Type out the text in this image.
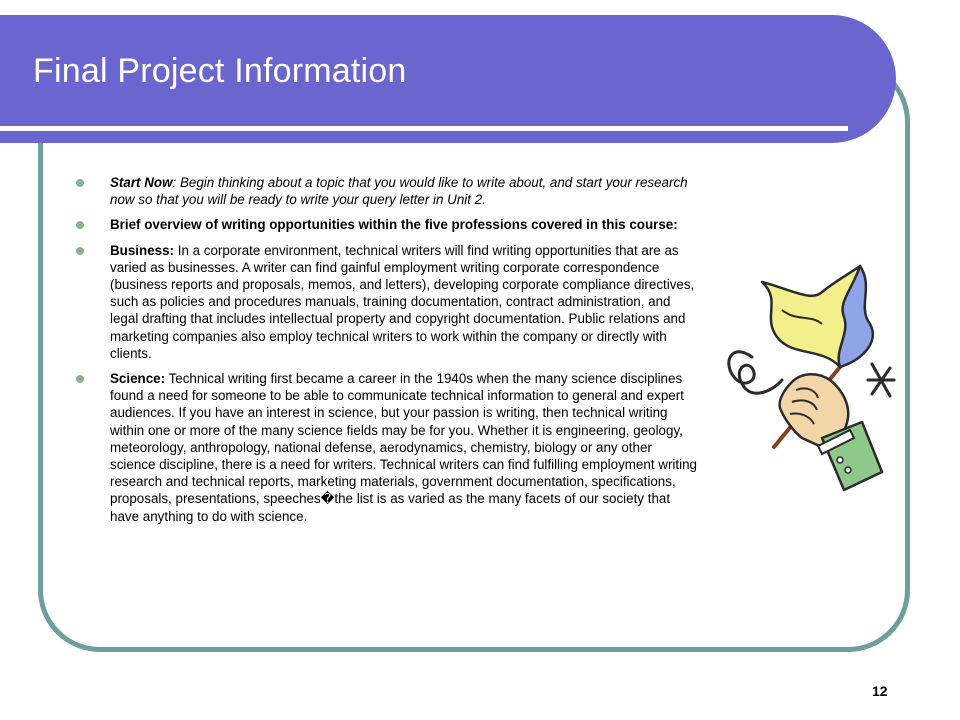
Final Project Information
Start Now: Begin thinking about a topic that you would like to write about, and start your research now so that you will be ready to write your query letter in Unit 2.
Brief overview of writing opportunities within the five professions covered in this course:
Business: In a corporate environment, technical writers will find writing opportunities that are as varied as businesses. A writer can find gainful employment writing corporate correspondence (business reports and proposals, memos, and letters), developing corporate compliance directives, such as policies and procedures manuals, training documentation, contract administration, and legal drafting that includes intellectual property and copyright documentation. Public relations and marketing companies also employ technical writers to work within the company or directly with clients.
Science: Technical writing first became a career in the 1940s when the many science disciplines found a need for someone to be able to communicate technical information to general and expert audiences. If you have an interest in science, but your passion is writing, then technical writing within one or more of the many science fields may be for you. Whether it is engineering, geology, meteorology, anthropology, national defense, aerodynamics, chemistry, biology or any other science discipline, there is a need for writers. Technical writers can find fulfilling employment writing research and technical reports, marketing materials, government documentation, specifications, proposals, presentations, speeches�the list is as varied as the many facets of our society that have anything to do with science.
12
